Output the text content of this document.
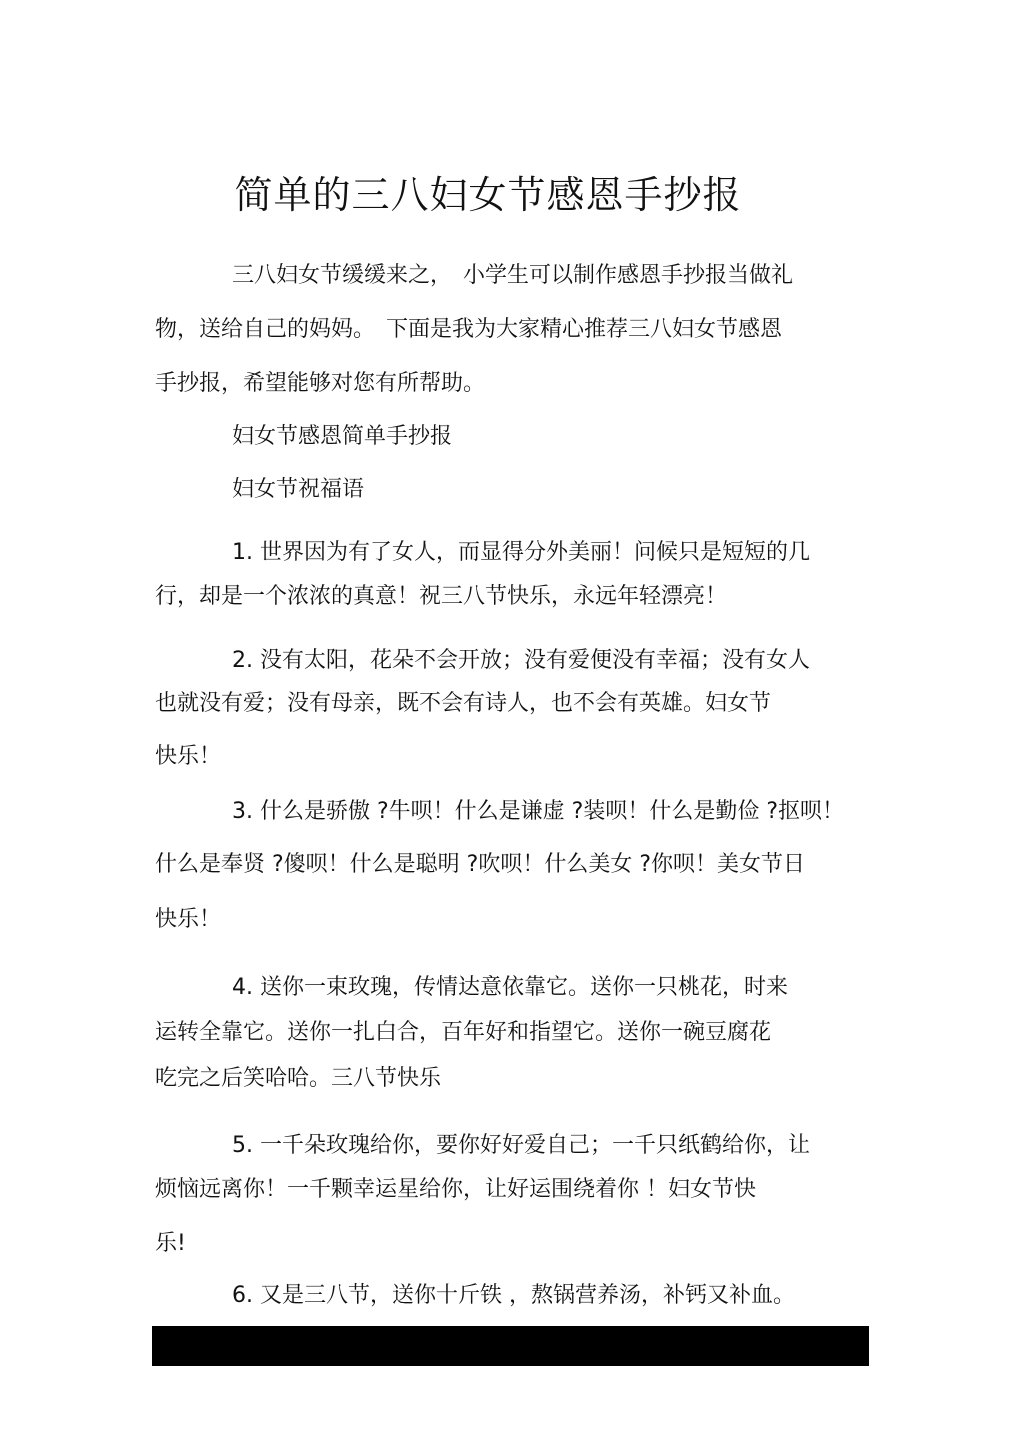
简单的三八妇女节感恩手抄报
三八妇女节缓缓来之，　小学生可以制作感恩手抄报当做礼
物，送给自己的妈妈。　下面是我为大家精心推荐三八妇女节感恩
手抄报，希望能够对您有所帮助。
妇女节感恩简单手抄报
妇女节祝福语
1. 世界因为有了女人，而显得分外美丽！问候只是短短的几
行，却是一个浓浓的真意！祝三八节快乐，永远年轻漂亮！
2. 没有太阳，花朵不会开放；没有爱便没有幸福；没有女人
也就没有爱；没有母亲，既不会有诗人，也不会有英雄。妇女节
快乐！
3. 什么是骄傲 ?牛呗！什么是谦虚 ?装呗！什么是勤俭 ?抠呗！
什么是奉贤 ?傻呗！什么是聪明 ?吹呗！什么美女 ?你呗！美女节日
快乐！
4. 送你一束玫瑰，传情达意依靠它。送你一只桃花，时来
运转全靠它。送你一扎白合，百年好和指望它。送你一碗豆腐花
吃完之后笑哈哈。三八节快乐
5. 一千朵玫瑰给你，要你好好爱自己；一千只纸鹤给你，让
烦恼远离你！一千颗幸运星给你，让好运围绕着你 ！妇女节快
乐!
6. 又是三八节，送你十斤铁 ，熬锅营养汤，补钙又补血。
